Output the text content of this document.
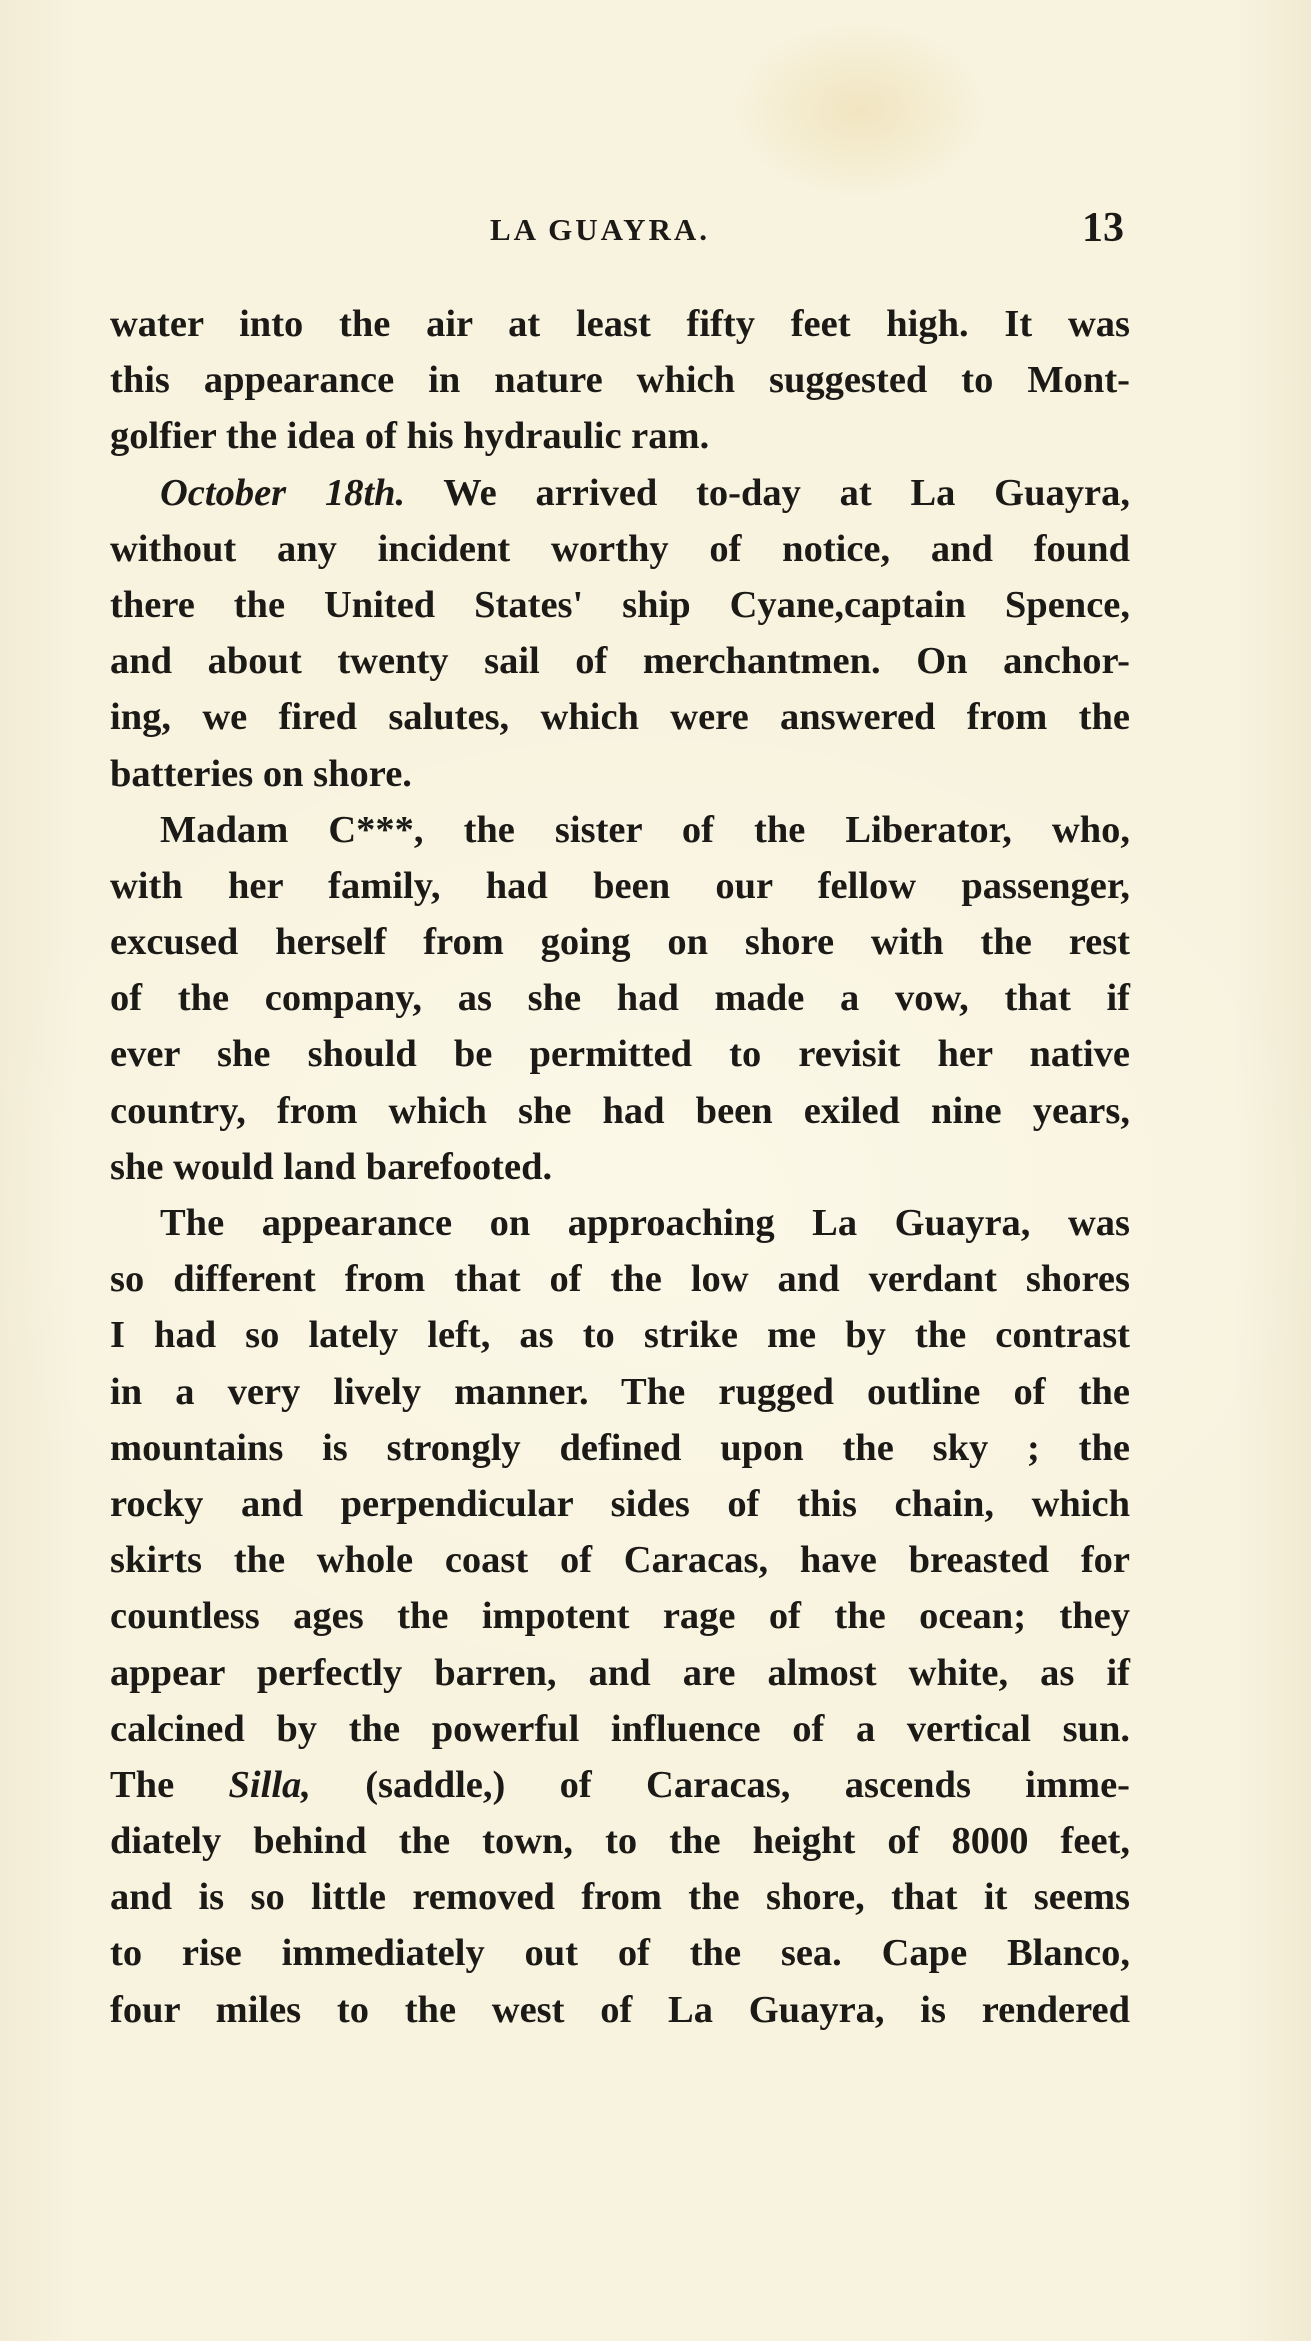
LA GUAYRA.	13
water into the air at least fifty feet high. It was
this appearance in nature which suggested to Mont-
golfier the idea of his hydraulic ram.
October 18th. We arrived to-day at La Guayra,
without any incident worthy of notice, and found
there the United States' ship Cyane,captain Spence,
and about twenty sail of merchantmen. On anchor-
ing, we fired salutes, which were answered from the
batteries on shore.
Madam C***, the sister of the Liberator, who,
with her family, had been our fellow passenger,
excused herself from going on shore with the rest
of the company, as she had made a vow, that if
ever she should be permitted to revisit her native
country, from which she had been exiled nine years,
she would land barefooted.
The appearance on approaching La Guayra, was
so different from that of the low and verdant shores
I had so lately left, as to strike me by the contrast
in a very lively manner. The rugged outline of the
mountains is strongly defined upon the sky ; the
rocky and perpendicular sides of this chain, which
skirts the whole coast of Caracas, have breasted for
countless ages the impotent rage of the ocean; they
appear perfectly barren, and are almost white, as if
calcined by the powerful influence of a vertical sun.
The Silla, (saddle,) of Caracas, ascends imme-
diately behind the town, to the height of 8000 feet,
and is so little removed from the shore, that it seems
to rise immediately out of the sea. Cape Blanco,
four miles to the west of La Guayra, is rendered
